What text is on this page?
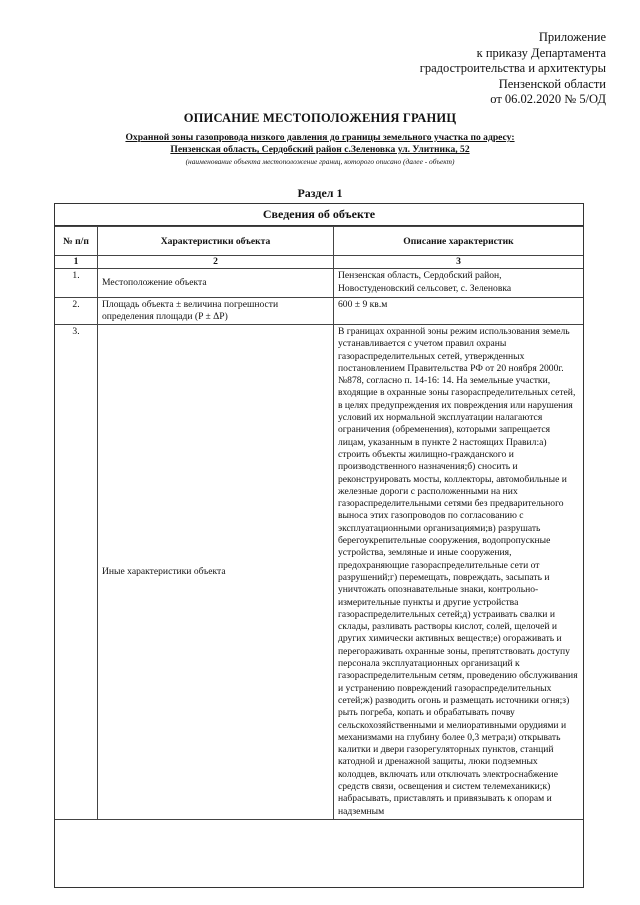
Приложение
к приказу Департамента
градостроительства и архитектуры
Пензенской области
от 06.02.2020 № 5/ОД
ОПИСАНИЕ МЕСТОПОЛОЖЕНИЯ ГРАНИЦ
Охранной зоны газопровода низкого давления до границы земельного участка по адресу:
Пензенская область, Сердобский район с.Зеленовка ул. Улитника, 52
(наименование объекта местоположение границ, которого описано (далее - объект)
Раздел 1
Сведения об объекте
№ п/п	Характеристики объекта	Описание характеристик
1	2	3
1.	Местоположение объекта	Пензенская область, Сердобский район, Новостуденовский сельсовет, с. Зеленовка
2.	Площадь объекта ± величина погрешности определения площади (P ± ΔP)	600 ± 9 кв.м
3.	Иные характеристики объекта	В границах охранной зоны режим использования земель устанавливается с учетом правил охраны газораспределительных сетей, утвержденных постановлением Правительства РФ от 20 ноября 2000г. №878, согласно п. 14-16: 14. На земельные участки, входящие в охранные зоны газораспределительных сетей, в целях предупреждения их повреждения или нарушения условий их нормальной эксплуатации налагаются ограничения (обременения), которыми запрещается лицам, указанным в пункте 2 настоящих Правил:а) строить объекты жилищно-гражданского и производственного назначения;б) сносить и реконструировать мосты, коллекторы, автомобильные и железные дороги с расположенными на них газораспределительными сетями без предварительного выноса этих газопроводов по согласованию с эксплуатационными организациями;в) разрушать берегоукрепительные сооружения, водопропускные устройства, земляные и иные сооружения, предохраняющие газораспределительные сети от разрушений;г) перемещать, повреждать, засыпать и уничтожать опознавательные знаки, контрольно-измерительные пункты и другие устройства газораспределительных сетей;д) устраивать свалки и склады, разливать растворы кислот, солей, щелочей и других химически активных веществ;е) огораживать и перегораживать охранные зоны, препятствовать доступу персонала эксплуатационных организаций к газораспределительным сетям, проведению обслуживания и устранению повреждений газораспределительных сетей;ж) разводить огонь и размещать источники огня;з) рыть погреба, копать и обрабатывать почву сельскохозяйственными и мелиоративными орудиями и механизмами на глубину более 0,3 метра;и) открывать калитки и двери газорегуляторных пунктов, станций катодной и дренажной защиты, люки подземных колодцев, включать или отключать электроснабжение средств связи, освещения и систем телемеханики;к) набрасывать, приставлять и привязывать к опорам и надземным
